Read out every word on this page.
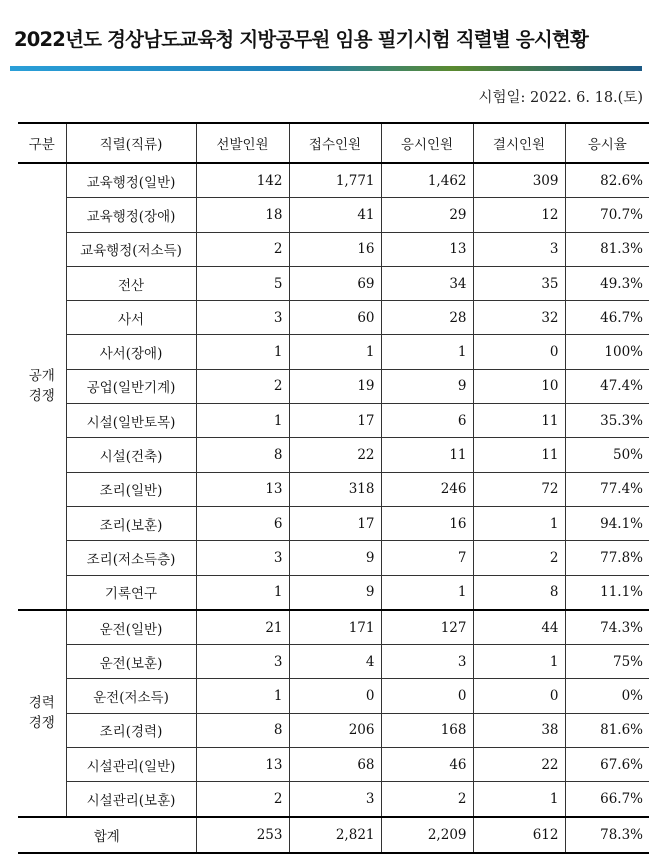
2022년도 경상남도교육청 지방공무원 임용 필기시험 직렬별 응시현황
시험일: 2022. 6. 18.(토)
구분	직렬(직류)	선발인원	접수인원	응시인원	결시인원	응시율
공개
경쟁	교육행정(일반)	142	1,771	1,462	309	82.6%
	교육행정(장애)	18	41	29	12	70.7%
	교육행정(저소득)	2	16	13	3	81.3%
	전산	5	69	34	35	49.3%
	사서	3	60	28	32	46.7%
	사서(장애)	1	1	1	0	100%
	공업(일반기계)	2	19	9	10	47.4%
	시설(일반토목)	1	17	6	11	35.3%
	시설(건축)	8	22	11	11	50%
	조리(일반)	13	318	246	72	77.4%
	조리(보훈)	6	17	16	1	94.1%
	조리(저소득층)	3	9	7	2	77.8%
	기록연구	1	9	1	8	11.1%
경력
경쟁	운전(일반)	21	171	127	44	74.3%
	운전(보훈)	3	4	3	1	75%
	운전(저소득)	1	0	0	0	0%
	조리(경력)	8	206	168	38	81.6%
	시설관리(일반)	13	68	46	22	67.6%
	시설관리(보훈)	2	3	2	1	66.7%
합계		253	2,821	2,209	612	78.3%
